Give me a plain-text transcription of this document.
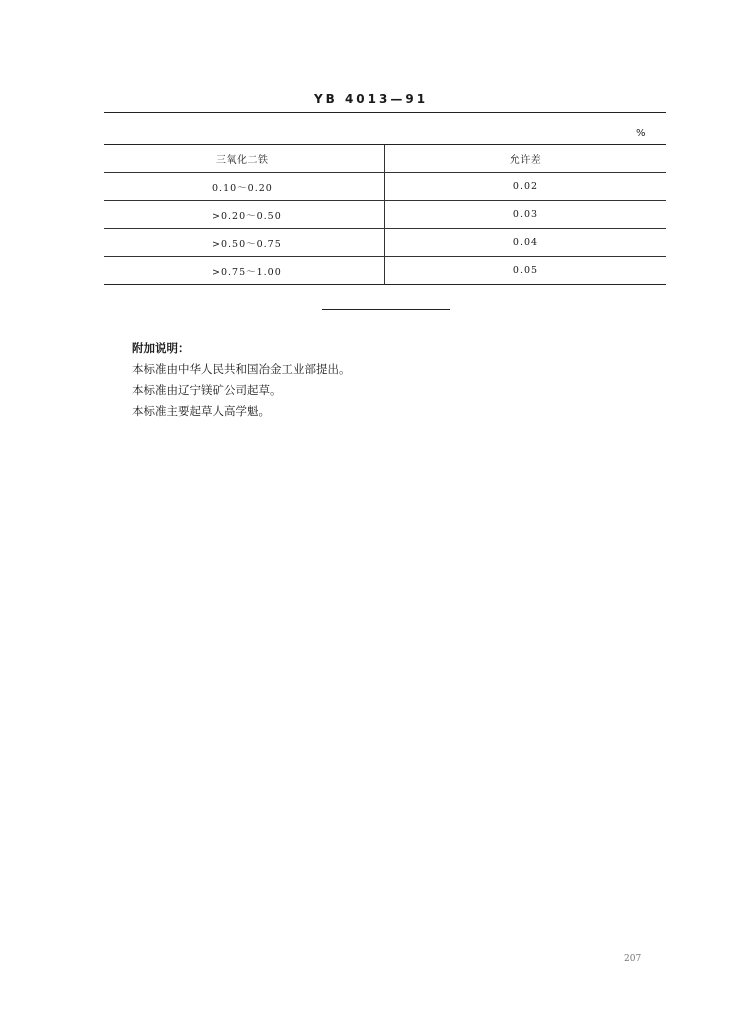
YB 4013—91
%
三氧化二铁	允许差
0.10～0.20	0.02
>0.20～0.50	0.03
>0.50～0.75	0.04
>0.75～1.00	0.05
附加说明：
本标准由中华人民共和国冶金工业部提出。
本标准由辽宁镁矿公司起草。
本标准主要起草人高学魁。
207
